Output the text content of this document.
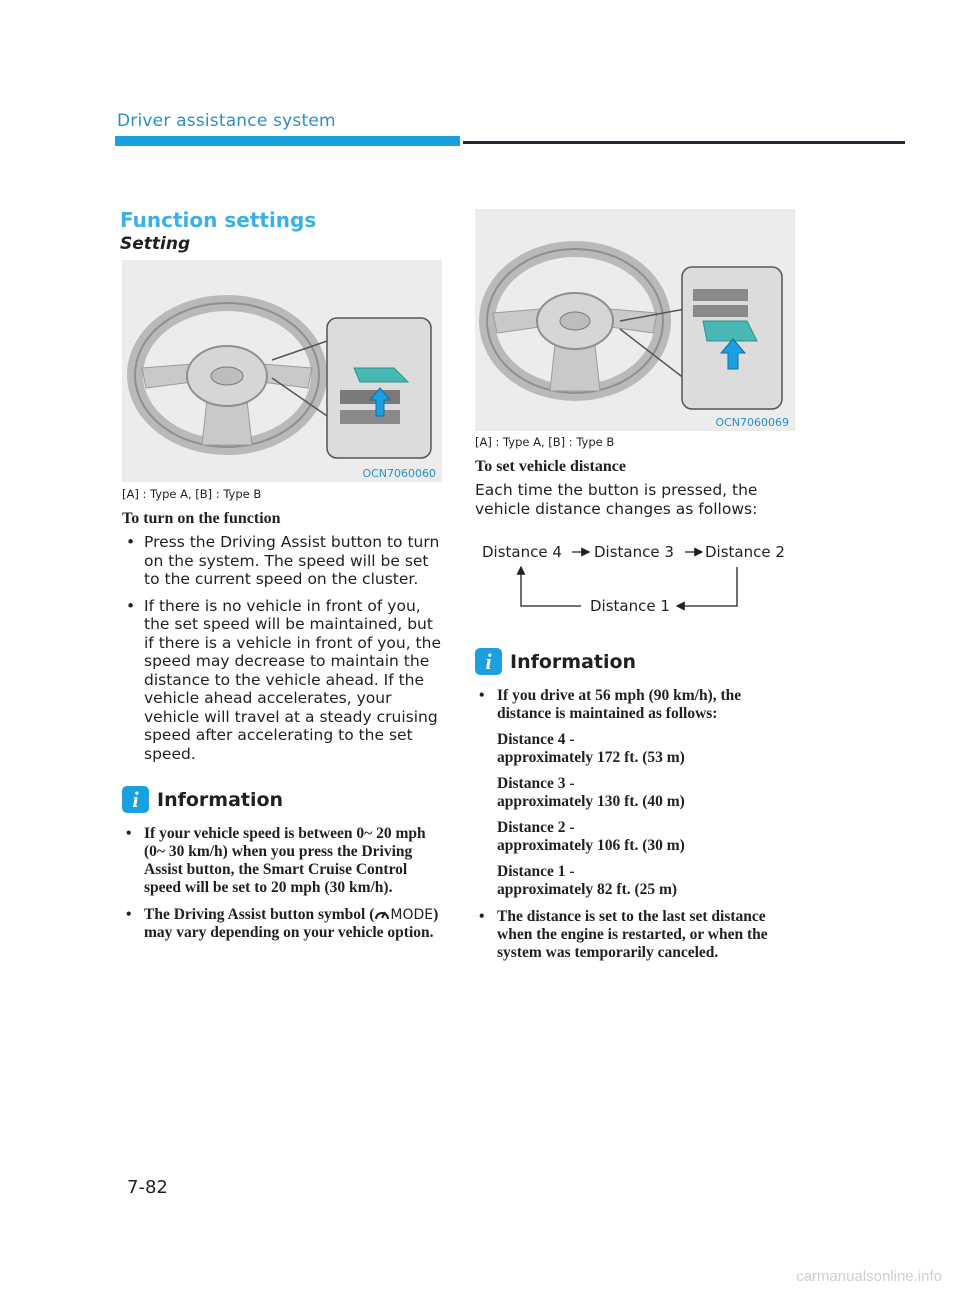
Driver assistance system
Function settings
Setting
OCN7060060
[A] : Type A, [B] : Type B
To turn on the function
• Press the Driving Assist button to turn on the system. The speed will be set to the current speed on the cluster.
• If there is no vehicle in front of you, the set speed will be maintained, but if there is a vehicle in front of you, the speed may decrease to maintain the distance to the vehicle ahead. If the vehicle ahead accelerates, your vehicle will travel at a steady cruising speed after accelerating to the set speed.
i Information
• If your vehicle speed is between 0~ 20 mph (0~ 30 km/h) when you press the Driving Assist button, the Smart Cruise Control speed will be set to 20 mph (30 km/h).
• The Driving Assist button symbol ( MODE) may vary depending on your vehicle option.
OCN7060069
[A] : Type A, [B] : Type B
To set vehicle distance
Each time the button is pressed, the vehicle distance changes as follows:
Distance 4 Distance 3 Distance 2
Distance 1
i Information
• If you drive at 56 mph (90 km/h), the distance is maintained as follows:
Distance 4 -
approximately 172 ft. (53 m)
Distance 3 -
approximately 130 ft. (40 m)
Distance 2 -
approximately 106 ft. (30 m)
Distance 1 -
approximately 82 ft. (25 m)
• The distance is set to the last set distance when the engine is restarted, or when the system was temporarily canceled.
7-82
carmanualsonline.info
